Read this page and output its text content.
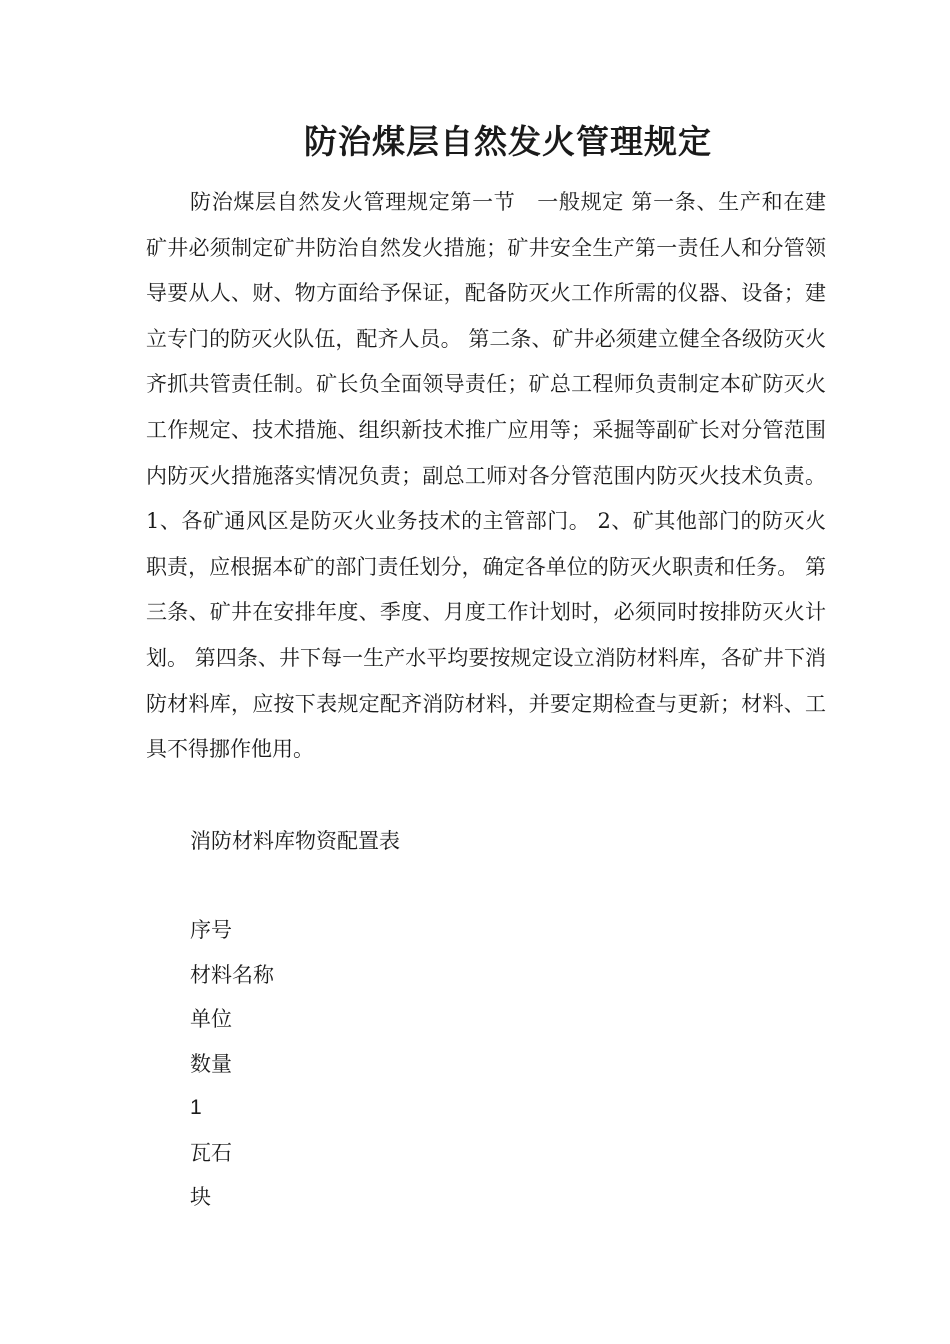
防治煤层自然发火管理规定

防治煤层自然发火管理规定第一节　一般规定 第一条、生产和在建矿井必须制定矿井防治自然发火措施；矿井安全生产第一责任人和分管领导要从人、财、物方面给予保证，配备防灭火工作所需的仪器、设备；建立专门的防灭火队伍，配齐人员。 第二条、矿井必须建立健全各级防灭火齐抓共管责任制。矿长负全面领导责任；矿总工程师负责制定本矿防灭火工作规定、技术措施、组织新技术推广应用等；采掘等副矿长对分管范围内防灭火措施落实情况负责；副总工师对各分管范围内防灭火技术负责。 1、各矿通风区是防灭火业务技术的主管部门。 2、矿其他部门的防灭火职责，应根据本矿的部门责任划分，确定各单位的防灭火职责和任务。 第三条、矿井在安排年度、季度、月度工作计划时，必须同时按排防灭火计划。 第四条、井下每一生产水平均要按规定设立消防材料库，各矿井下消防材料库，应按下表规定配齐消防材料，并要定期检查与更新；材料、工具不得挪作他用。

消防材料库物资配置表

序号

材料名称

单位

数量

1

瓦石

块
